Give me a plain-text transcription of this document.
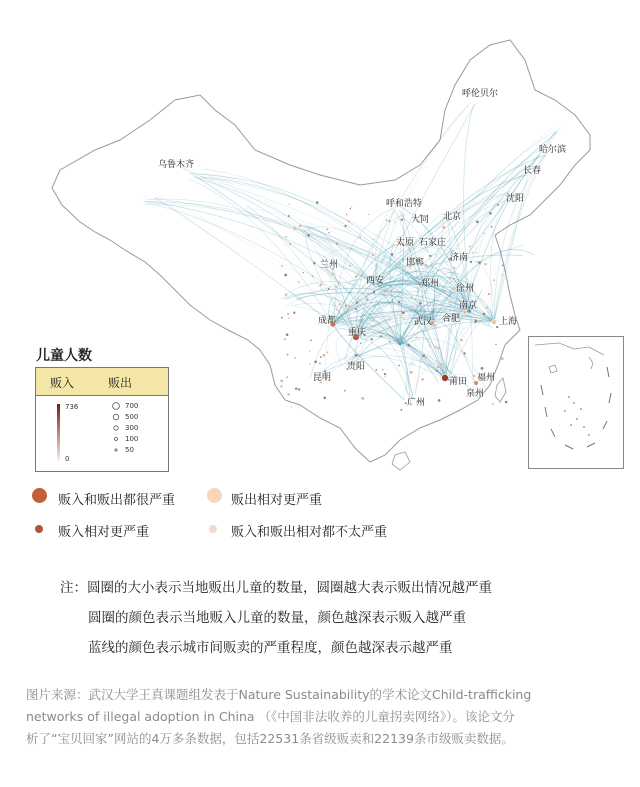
呼伦贝尔
乌鲁木齐
哈尔滨
长春
沈阳
呼和浩特
大同 北京
太原 石家庄
兰州
济南
邯郸
西安	郑州 徐州
南京
成都	合肥
武汉	上海
重庆
贵阳
昆明	莆田 福州
泉州
广州
儿童人数
贩入	贩出
736
0
700
500
300
100
50
贩入和贩出都很严重	贩出相对更严重
贩入相对更严重	贩入和贩出相对都不太严重
注：圆圈的大小表示当地贩出儿童的数量，圆圈越大表示贩出情况越严重
圆圈的颜色表示当地贩入儿童的数量，颜色越深表示贩入越严重
蓝线的颜色表示城市间贩卖的严重程度，颜色越深表示越严重
图片来源：武汉大学王真课题组发表于Nature Sustainability的学术论文Child-trafficking
networks of illegal adoption in China （《中国非法收养的儿童拐卖网络》）。该论文分
析了“宝贝回家”网站的4万多条数据，包括22531条省级贩卖和22139条市级贩卖数据。
